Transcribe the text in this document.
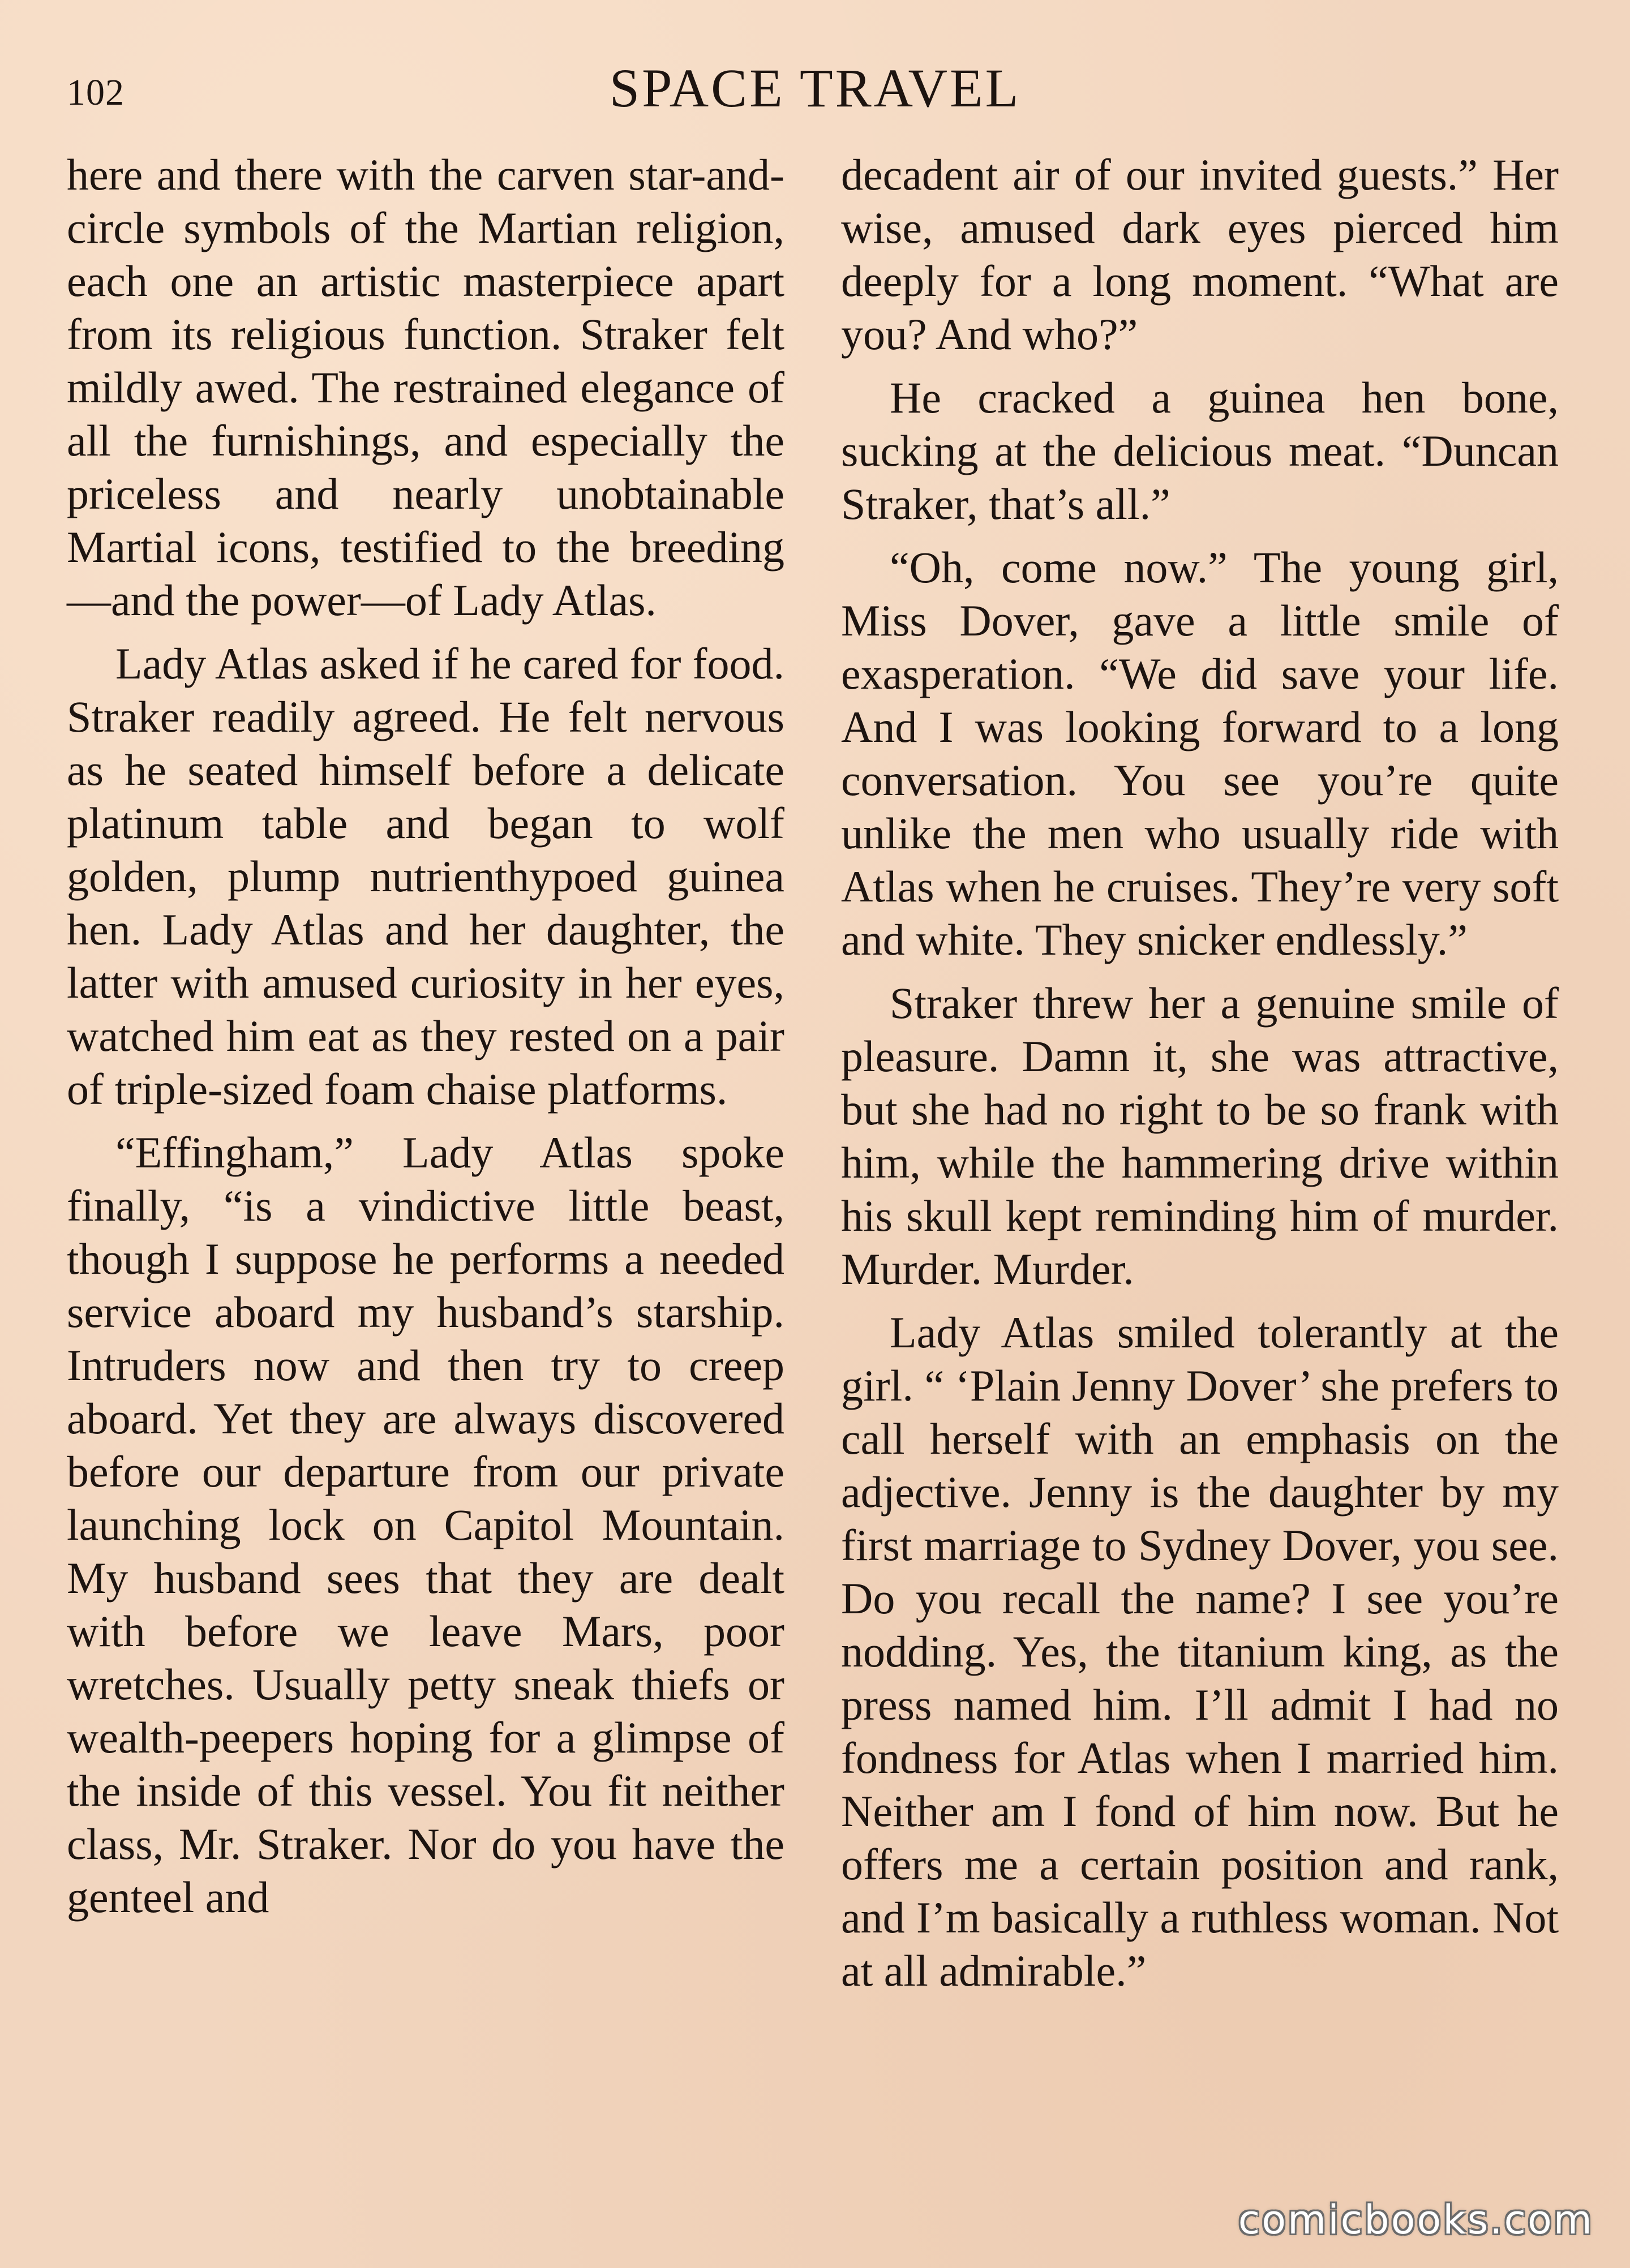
102	SPACE TRAVEL

here and there with the carven star-and-circle symbols of the Martian religion, each one an artistic masterpiece apart from its religious function. Straker felt mildly awed. The restrained elegance of all the furnishings, and especially the priceless and nearly unobtainable Martial icons, testified to the breeding—and the power—of Lady Atlas.

Lady Atlas asked if he cared for food. Straker readily agreed. He felt nervous as he seated himself before a delicate platinum table and began to wolf golden, plump nutrienthypoed guinea hen. Lady Atlas and her daughter, the latter with amused curiosity in her eyes, watched him eat as they rested on a pair of triple-sized foam chaise platforms.

“Effingham,” Lady Atlas spoke finally, “is a vindictive little beast, though I suppose he performs a needed service aboard my husband’s starship. Intruders now and then try to creep aboard. Yet they are always discovered before our departure from our private launching lock on Capitol Mountain. My husband sees that they are dealt with before we leave Mars, poor wretches. Usually petty sneak thiefs or wealth-peepers hoping for a glimpse of the inside of this vessel. You fit neither class, Mr. Straker. Nor do you have the genteel and

decadent air of our invited guests.” Her wise, amused dark eyes pierced him deeply for a long moment. “What are you? And who?”

He cracked a guinea hen bone, sucking at the delicious meat. “Duncan Straker, that’s all.”

“Oh, come now.” The young girl, Miss Dover, gave a little smile of exasperation. “We did save your life. And I was looking forward to a long conversation. You see you’re quite unlike the men who usually ride with Atlas when he cruises. They’re very soft and white. They snicker endlessly.”

Straker threw her a genuine smile of pleasure. Damn it, she was attractive, but she had no right to be so frank with him, while the hammering drive within his skull kept reminding him of murder. Murder. Murder.

Lady Atlas smiled tolerantly at the girl. “ ‘Plain Jenny Dover’ she prefers to call herself with an emphasis on the adjective. Jenny is the daughter by my first marriage to Sydney Dover, you see. Do you recall the name? I see you’re nodding. Yes, the titanium king, as the press named him. I’ll admit I had no fondness for Atlas when I married him. Neither am I fond of him now. But he offers me a certain position and rank, and I’m basically a ruthless woman. Not at all admirable.”

comicbooks.com
